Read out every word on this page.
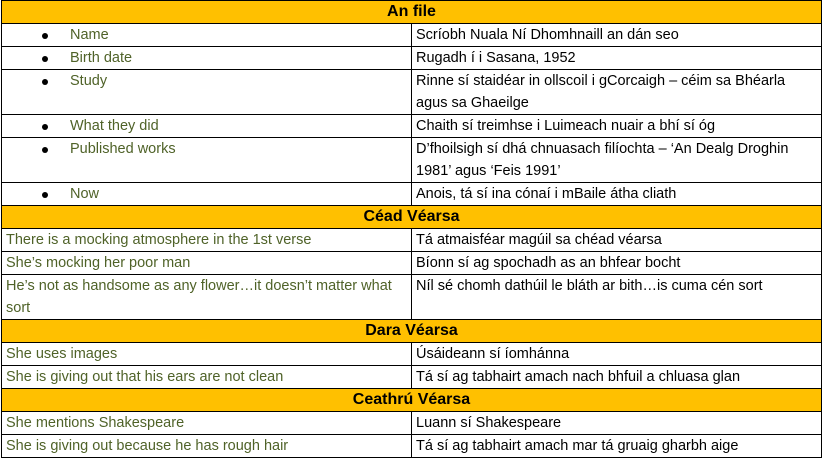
An file	

Name	Scríobh Nuala Ní Dhomhnaill an dán seo

Birth date	Rugadh í i Sasana, 1952

Study	Rinne sí staidéar in ollscoil i gCorcaigh – céim sa Bhéarla agus sa Ghaeilge

What they did	Chaith sí treimhse i Luimeach nuair a bhí sí óg

Published works	D’fhoilsigh sí dhá chnuasach filíochta – ‘An Dealg Droghin 1981’ agus ‘Feis 1991’

Now	Anois, tá sí ina cónaí i mBaile átha cliath
Céad Véarsa	
There is a mocking atmosphere in the 1st verse	Tá atmaisféar magúil sa chéad véarsa
She’s mocking her poor man	Bíonn sí ag spochadh as an bhfear bocht
He’s not as handsome as any flower…it doesn’t matter what sort	Níl sé chomh dathúil le bláth ar bith…is cuma cén sort
Dara Véarsa	
She uses images	Úsáideann sí íomhánna
She is giving out that his ears are not clean	Tá sí ag tabhairt amach nach bhfuil a chluasa glan
Ceathrú Véarsa	
She mentions Shakespeare	Luann sí Shakespeare
She is giving out because he has rough hair	Tá sí ag tabhairt amach mar tá gruaig gharbh aige
